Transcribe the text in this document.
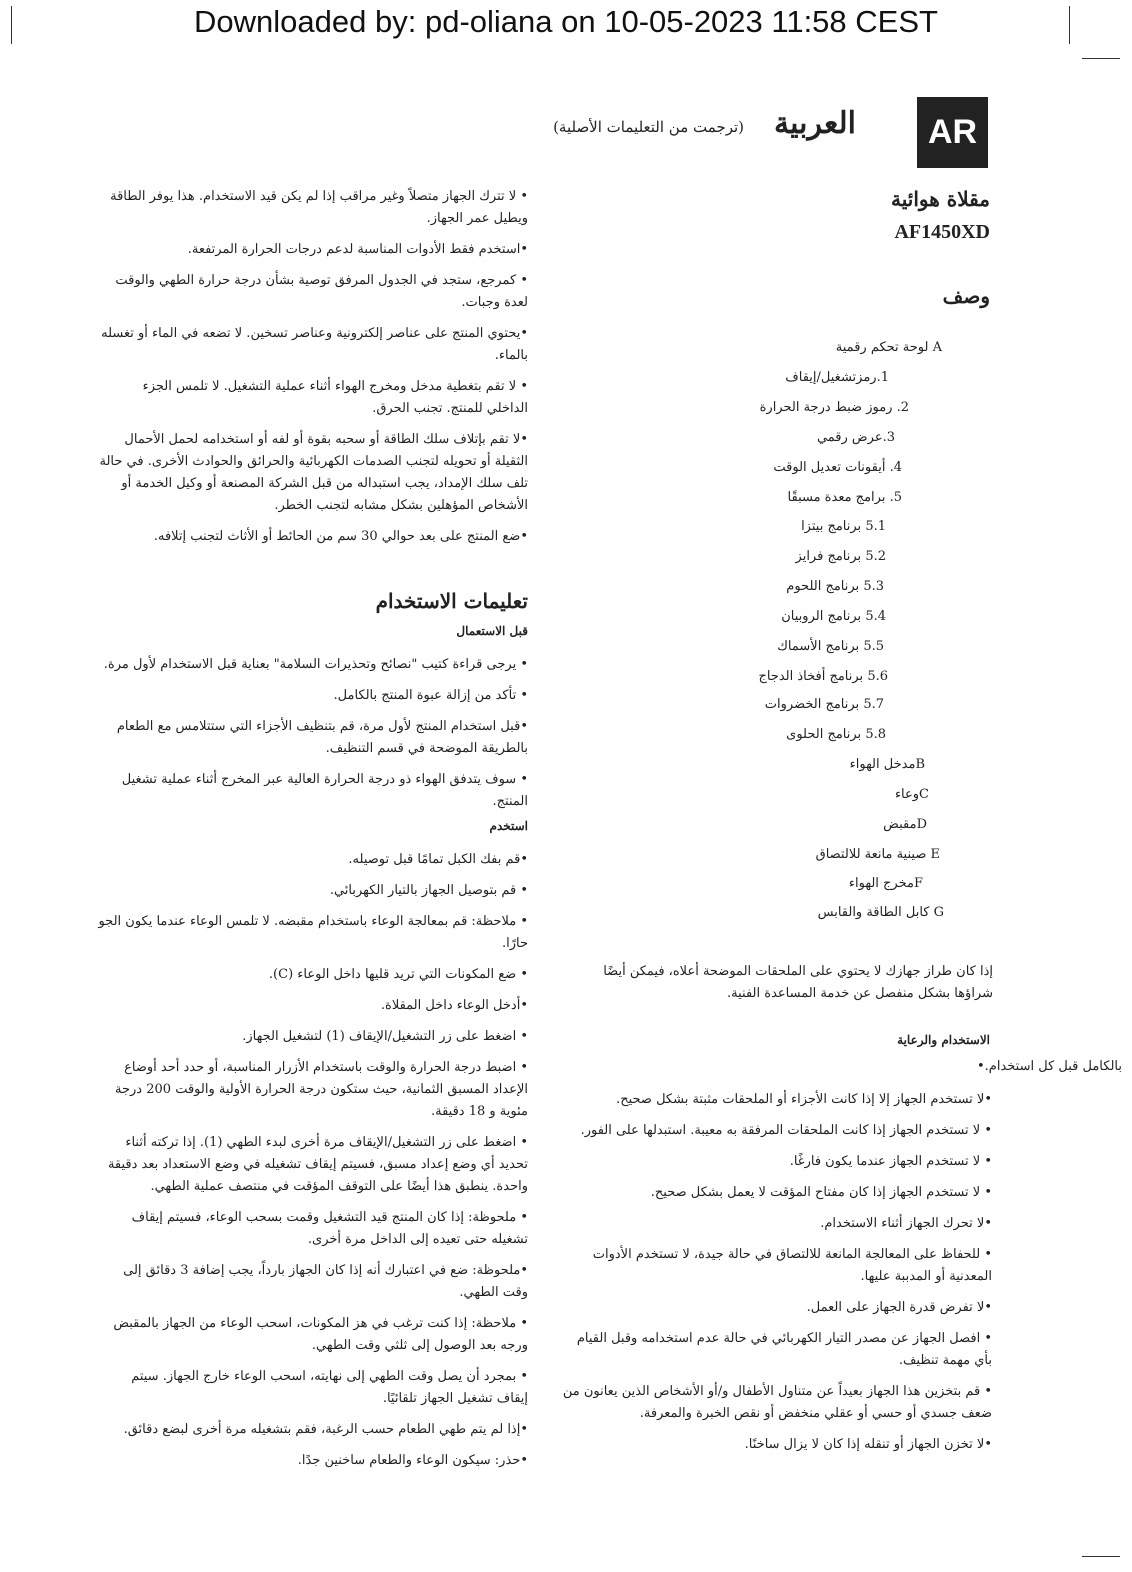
Downloaded by: pd-oliana on 10-05-2023 11:58 CEST
AR
العربية
(ترجمت من التعليمات الأصلية)
مقلاة هوائية
AF1450XD
وصف
A لوحة تحكم رقمية
1.رمزتشغيل/إيقاف
2. رموز ضبط درجة الحرارة
3.عرض رقمي
4. أيقونات تعديل الوقت
5. برامج معدة مسبقًا
5.1 برنامج بيتزا
5.2 برنامج فرايز
5.3 برنامج اللحوم
5.4 برنامج الروبيان
5.5 برنامج الأسماك
5.6 برنامج أفخاذ الدجاج
5.7 برنامج الخضروات
5.8 برنامج الحلوى
Bمدخل الهواء
Cوعاء
Dمقبض
E صينية مانعة للالتصاق
Fمخرج الهواء
G كابل الطاقة والقابس
إذا كان طراز جهازك لا يحتوي على الملحقات الموضحة أعلاه، فيمكن أيضًا شراؤها بشكل منفصل عن خدمة المساعدة الفنية.
الاستخدام والرعاية
بالكامل قبل كل استخدام.•
•لا تستخدم الجهاز إلا إذا كانت الأجزاء أو الملحقات مثبتة بشكل صحيح.
• لا تستخدم الجهاز إذا كانت الملحقات المرفقة به معيبة. استبدلها على الفور.
• لا تستخدم الجهاز عندما يكون فارغًا.
• لا تستخدم الجهاز إذا كان مفتاح المؤقت لا يعمل بشكل صحيح.
•لا تحرك الجهاز أثناء الاستخدام.
• للحفاظ على المعالجة المانعة للالتصاق في حالة جيدة، لا تستخدم الأدوات المعدنية أو المدببة عليها.
•لا تفرض قدرة الجهاز على العمل.
• افصل الجهاز عن مصدر التيار الكهربائي في حالة عدم استخدامه وقبل القيام بأي مهمة تنظيف.
• قم بتخزين هذا الجهاز بعيداً عن متناول الأطفال و/أو الأشخاص الذين يعانون من ضعف جسدي أو حسي أو عقلي منخفض أو نقص الخبرة والمعرفة.
•لا تخزن الجهاز أو تنقله إذا كان لا يزال ساخنًا.
• لا تترك الجهاز متصلاً وغير مراقب إذا لم يكن قيد الاستخدام. هذا يوفر الطاقة ويطيل عمر الجهاز.
•استخدم فقط الأدوات المناسبة لدعم درجات الحرارة المرتفعة.
• كمرجع، ستجد في الجدول المرفق توصية بشأن درجة حرارة الطهي والوقت لعدة وجبات.
•يحتوي المنتج على عناصر إلكترونية وعناصر تسخين. لا تضعه في الماء أو تغسله بالماء.
• لا تقم بتغطية مدخل ومخرج الهواء أثناء عملية التشغيل. لا تلمس الجزء الداخلي للمنتج. تجنب الحرق.
•لا تقم بإتلاف سلك الطاقة أو سحبه بقوة أو لفه أو استخدامه لحمل الأحمال الثقيلة أو تحويله لتجنب الصدمات الكهربائية والحرائق والحوادث الأخرى. في حالة تلف سلك الإمداد، يجب استبداله من قبل الشركة المصنعة أو وكيل الخدمة أو الأشخاص المؤهلين بشكل مشابه لتجنب الخطر.
•ضع المنتج على بعد حوالي 30 سم من الحائط أو الأثاث لتجنب إتلافه.
تعليمات الاستخدام
قبل الاستعمال
• يرجى قراءة كتيب "نصائح وتحذيرات السلامة" بعناية قبل الاستخدام لأول مرة.
• تأكد من إزالة عبوة المنتج بالكامل.
•قبل استخدام المنتج لأول مرة، قم بتنظيف الأجزاء التي ستتلامس مع الطعام بالطريقة الموضحة في قسم التنظيف.
• سوف يتدفق الهواء ذو درجة الحرارة العالية عبر المخرج أثناء عملية تشغيل المنتج.
استخدم
•قم بفك الكبل تمامًا قبل توصيله.
• قم بتوصيل الجهاز بالتيار الكهربائي.
• ملاحظة: قم بمعالجة الوعاء باستخدام مقبضه. لا تلمس الوعاء عندما يكون الجو حارًا.
• ضع المكونات التي تريد قليها داخل الوعاء (C).
•أدخل الوعاء داخل المقلاة.
• اضغط على زر التشغيل/الإيقاف (1) لتشغيل الجهاز.
• اضبط درجة الحرارة والوقت باستخدام الأزرار المناسبة، أو حدد أحد أوضاع الإعداد المسبق الثمانية، حيث ستكون درجة الحرارة الأولية والوقت 200 درجة مئوية و 18 دقيقة.
• اضغط على زر التشغيل/الإيقاف مرة أخرى لبدء الطهي (1). إذا تركته أثناء تحديد أي وضع إعداد مسبق، فسيتم إيقاف تشغيله في وضع الاستعداد بعد دقيقة واحدة. ينطبق هذا أيضًا على التوقف المؤقت في منتصف عملية الطهي.
• ملحوظة: إذا كان المنتج قيد التشغيل وقمت بسحب الوعاء، فسيتم إيقاف تشغيله حتى تعيده إلى الداخل مرة أخرى.
•ملحوظة: ضع في اعتبارك أنه إذا كان الجهاز بارداً، يجب إضافة 3 دقائق إلى وقت الطهي.
• ملاحظة: إذا كنت ترغب في هز المكونات، اسحب الوعاء من الجهاز بالمقبض ورجه بعد الوصول إلى ثلثي وقت الطهي.
• بمجرد أن يصل وقت الطهي إلى نهايته، اسحب الوعاء خارج الجهاز. سيتم إيقاف تشغيل الجهاز تلقائيًا.
•إذا لم يتم طهي الطعام حسب الرغبة، فقم بتشغيله مرة أخرى لبضع دقائق.
•حذر: سيكون الوعاء والطعام ساخنين جدًا.
